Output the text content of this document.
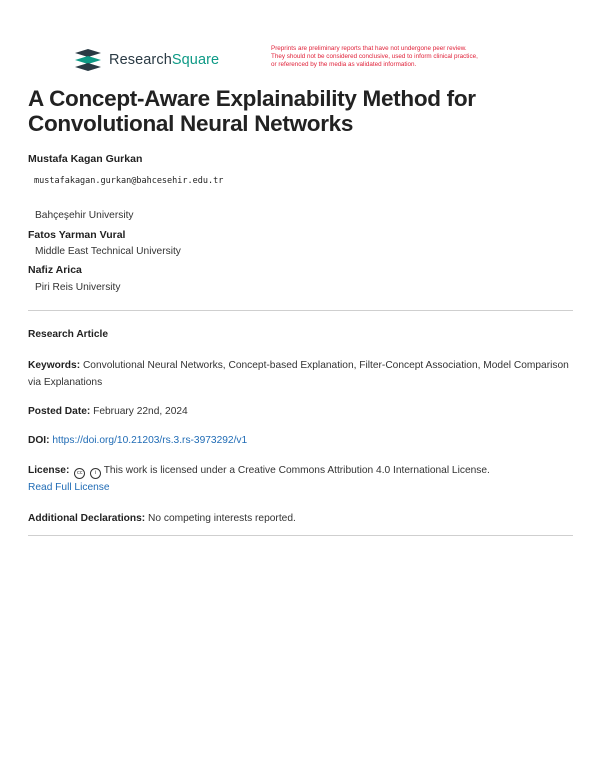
ResearchSquare
Preprints are preliminary reports that have not undergone peer review.
They should not be considered conclusive, used to inform clinical practice,
or referenced by the media as validated information.
A Concept-Aware Explainability Method for
Convolutional Neural Networks
Mustafa Kagan Gurkan
mustafakagan.gurkan@bahcesehir.edu.tr
Bahçeşehir University
Fatos Yarman Vural
Middle East Technical University
Nafiz Arica
Piri Reis University
Research Article
Keywords: Convolutional Neural Networks, Concept-based Explanation, Filter-Concept Association, Model Comparison via Explanations
Posted Date: February 22nd, 2024
DOI: https://doi.org/10.21203/rs.3.rs-3973292/v1
License: cc i This work is licensed under a Creative Commons Attribution 4.0 International License.
Read Full License
Additional Declarations: No competing interests reported.
